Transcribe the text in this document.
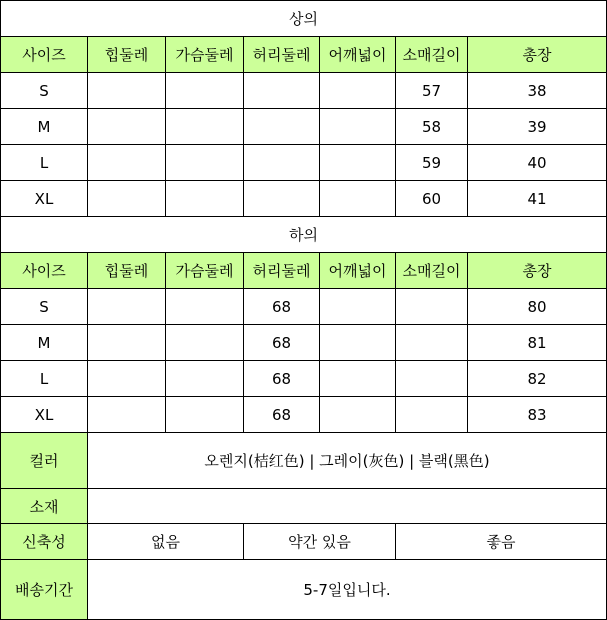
상의						
사이즈	힙둘레	가슴둘레	허리둘레	어깨넓이	소매길이	총장
S					57	38
M					58	39
L					59	40
XL					60	41
하의						
사이즈	힙둘레	가슴둘레	허리둘레	어깨넓이	소매길이	총장
S			68			80
M			68			81
L			68			82
XL			68			83
컬러	오렌지(桔红色) | 그레이(灰色) | 블랙(黑色)					
소재						
신축성	없음		약간 있음		좋음	
배송기간	5-7일입니다.					
